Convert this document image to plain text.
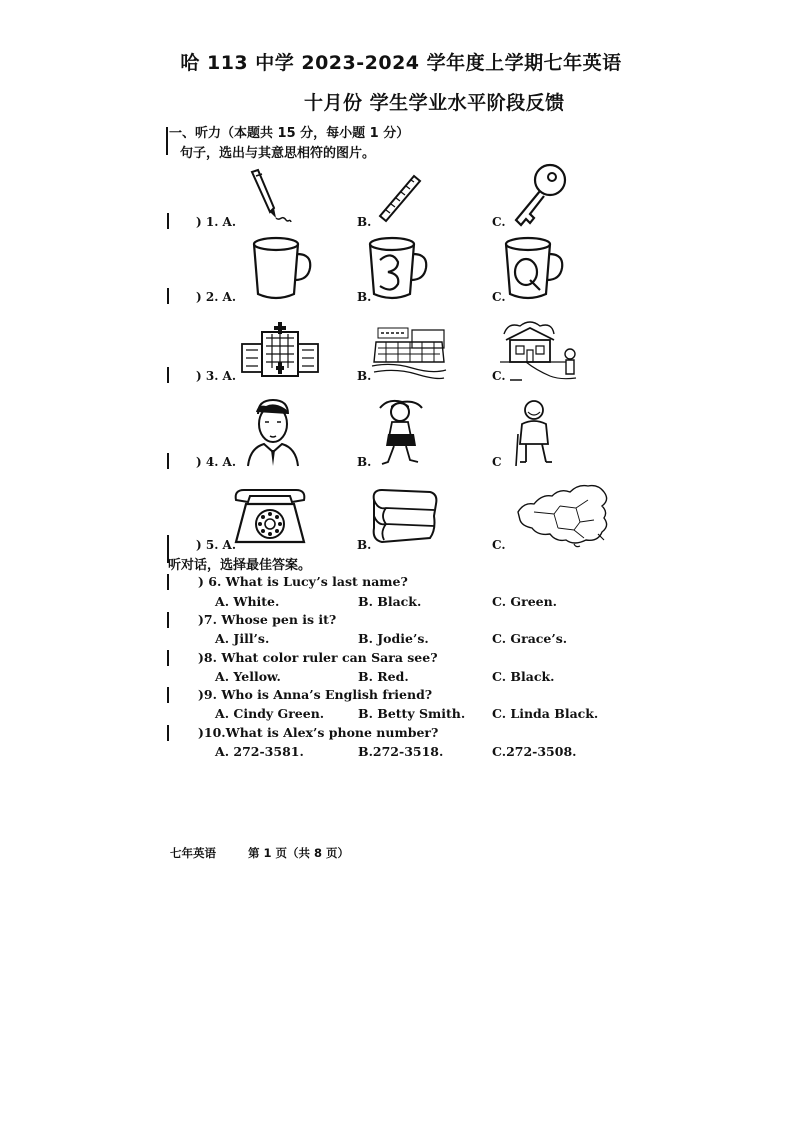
哈 113 中学 2023-2024 学年度上学期七年英语
十月份 学生学业水平阶段反馈
一、听力（本题共 15 分，每小题 1 分）
句子，选出与其意思相符的图片。
) 1. A.	B.	C.
) 2. A.	B.	C.
) 3. A.	B.	C.
) 4. A.	B.	C
) 5. A.	B.	C.
听对话，选择最佳答案。
) 6. What is Lucy’s last name?
A. White.	B. Black.	C. Green.
)7. Whose pen is it?
A. Jill’s.	B. Jodie’s.	C. Grace’s.
)8. What color ruler can Sara see?
A. Yellow.	B. Red.	C. Black.
)9. Who is Anna’s English friend?
A. Cindy Green.	B. Betty Smith. C. Linda Black.
)10.What is Alex’s phone number?
A. 272-3581.	B.272-3518.	C.272-3508.
七年英语	第 1 页（共 8 页）
